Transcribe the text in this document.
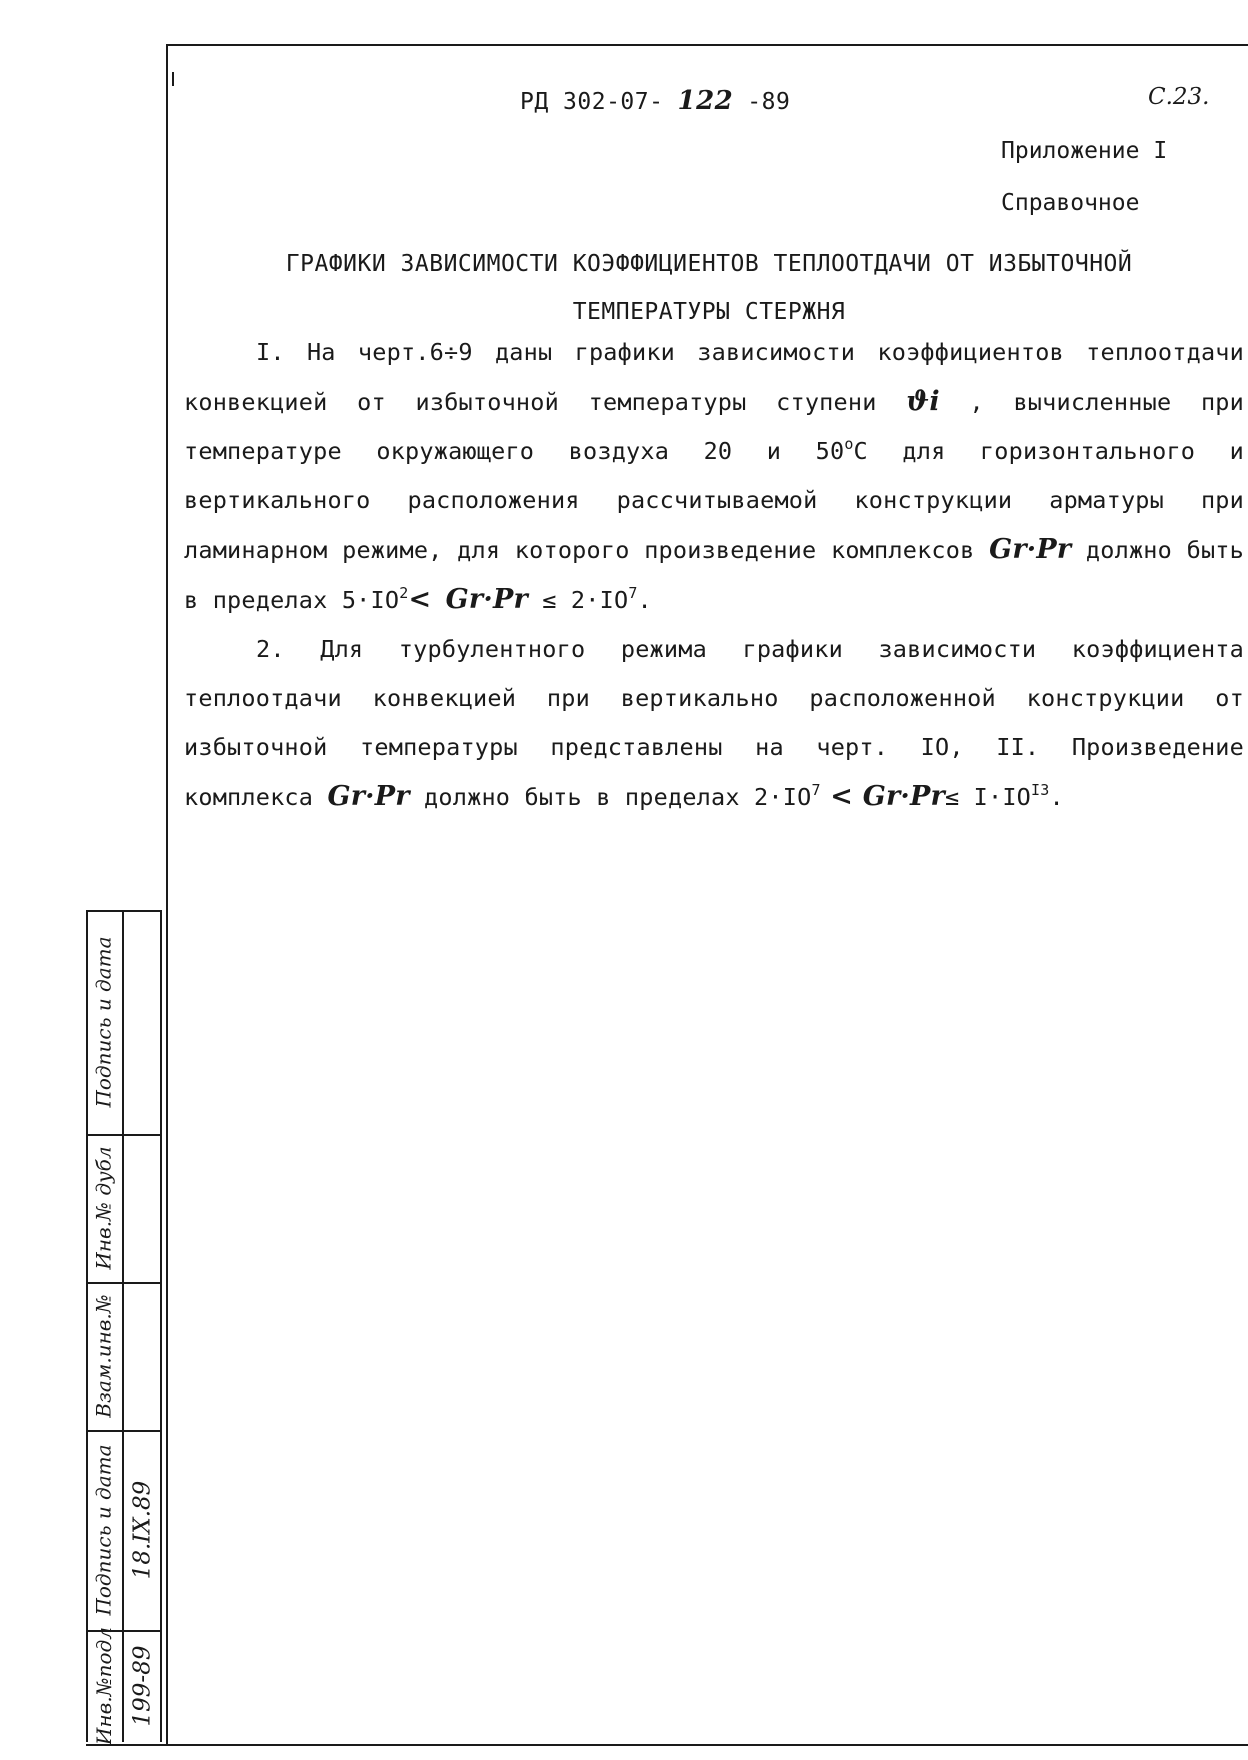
РД 302-07- 122 -89	С.23.
Приложение I
Справочное
ГРАФИКИ ЗАВИСИМОСТИ КОЭФФИЦИЕНТОВ ТЕПЛООТДАЧИ ОТ ИЗБЫТОЧНОЙ
ТЕМПЕРАТУРЫ СТЕРЖНЯ

I. На черт.6÷9 даны графики зависимости коэффициентов теплоотдачи конвекцией от избыточной температуры ступени ϑi , вычисленные при температуре окружающего воздуха 20 и $50^оС$ для горизонтального и вертикального расположения рассчитываемой конструкции арматуры при ламинарном режиме, для которого произведение комплексов Gr·Pr должно быть в пределах $5\cdot IO^2< Gr\cdot Pr \le 2\cdot IO^7$.

2. Для турбулентного режима графики зависимости коэффициента теплоотдачи конвекцией при вертикально расположенной конструкции от избыточной температуры представлены на черт. IO, II. Произведение комплекса Gr·Pr должно быть в пределах $2\cdot IO^7 < Gr\cdot Pr\le I\cdot IO^{I3}$.

Подпись и дата
Инв.№ дубл
Взам.инв.№
Подпись и дата
Инв.№подл
18.IX.89
199-89
